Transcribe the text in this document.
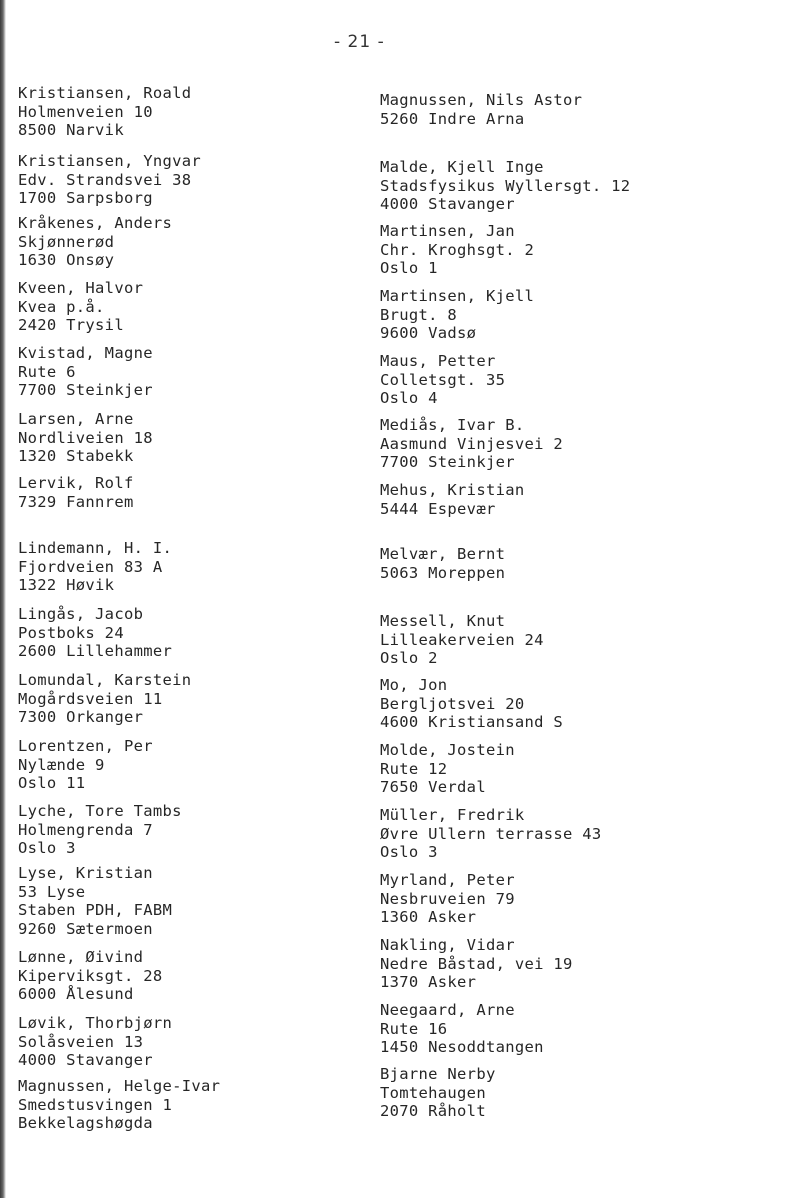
- 21 -
Kristiansen, Roald
Holmenveien 10
8500 Narvik
Kristiansen, Yngvar
Edv. Strandsvei 38
1700 Sarpsborg
Kråkenes, Anders
Skjønnerød
1630 Onsøy
Kveen, Halvor
Kvea p.å.
2420 Trysil
Kvistad, Magne
Rute 6
7700 Steinkjer
Larsen, Arne
Nordliveien 18
1320 Stabekk
Lervik, Rolf
7329 Fannrem
Lindemann, H. I.
Fjordveien 83 A
1322 Høvik
Lingås, Jacob
Postboks 24
2600 Lillehammer
Lomundal, Karstein
Mogårdsveien 11
7300 Orkanger
Lorentzen, Per
Nylænde 9
Oslo 11
Lyche, Tore Tambs
Holmengrenda 7
Oslo 3
Lyse, Kristian
53 Lyse
Staben PDH, FABM
9260 Sætermoen
Lønne, Øivind
Kiperviksgt. 28
6000 Ålesund
Løvik, Thorbjørn
Solåsveien 13
4000 Stavanger
Magnussen, Helge-Ivar
Smedstusvingen 1
Bekkelagshøgda
Magnussen, Nils Astor
5260 Indre Arna
Malde, Kjell Inge
Stadsfysikus Wyllersgt. 12
4000 Stavanger
Martinsen, Jan
Chr. Kroghsgt. 2
Oslo 1
Martinsen, Kjell
Brugt. 8
9600 Vadsø
Maus, Petter
Colletsgt. 35
Oslo 4
Mediås, Ivar B.
Aasmund Vinjesvei 2
7700 Steinkjer
Mehus, Kristian
5444 Espevær
Melvær, Bernt
5063 Moreppen
Messell, Knut
Lilleakerveien 24
Oslo 2
Mo, Jon
Bergljotsvei 20
4600 Kristiansand S
Molde, Jostein
Rute 12
7650 Verdal
Müller, Fredrik
Øvre Ullern terrasse 43
Oslo 3
Myrland, Peter
Nesbruveien 79
1360 Asker
Nakling, Vidar
Nedre Båstad, vei 19
1370 Asker
Neegaard, Arne
Rute 16
1450 Nesoddtangen
Bjarne Nerby
Tomtehaugen
2070 Råholt
